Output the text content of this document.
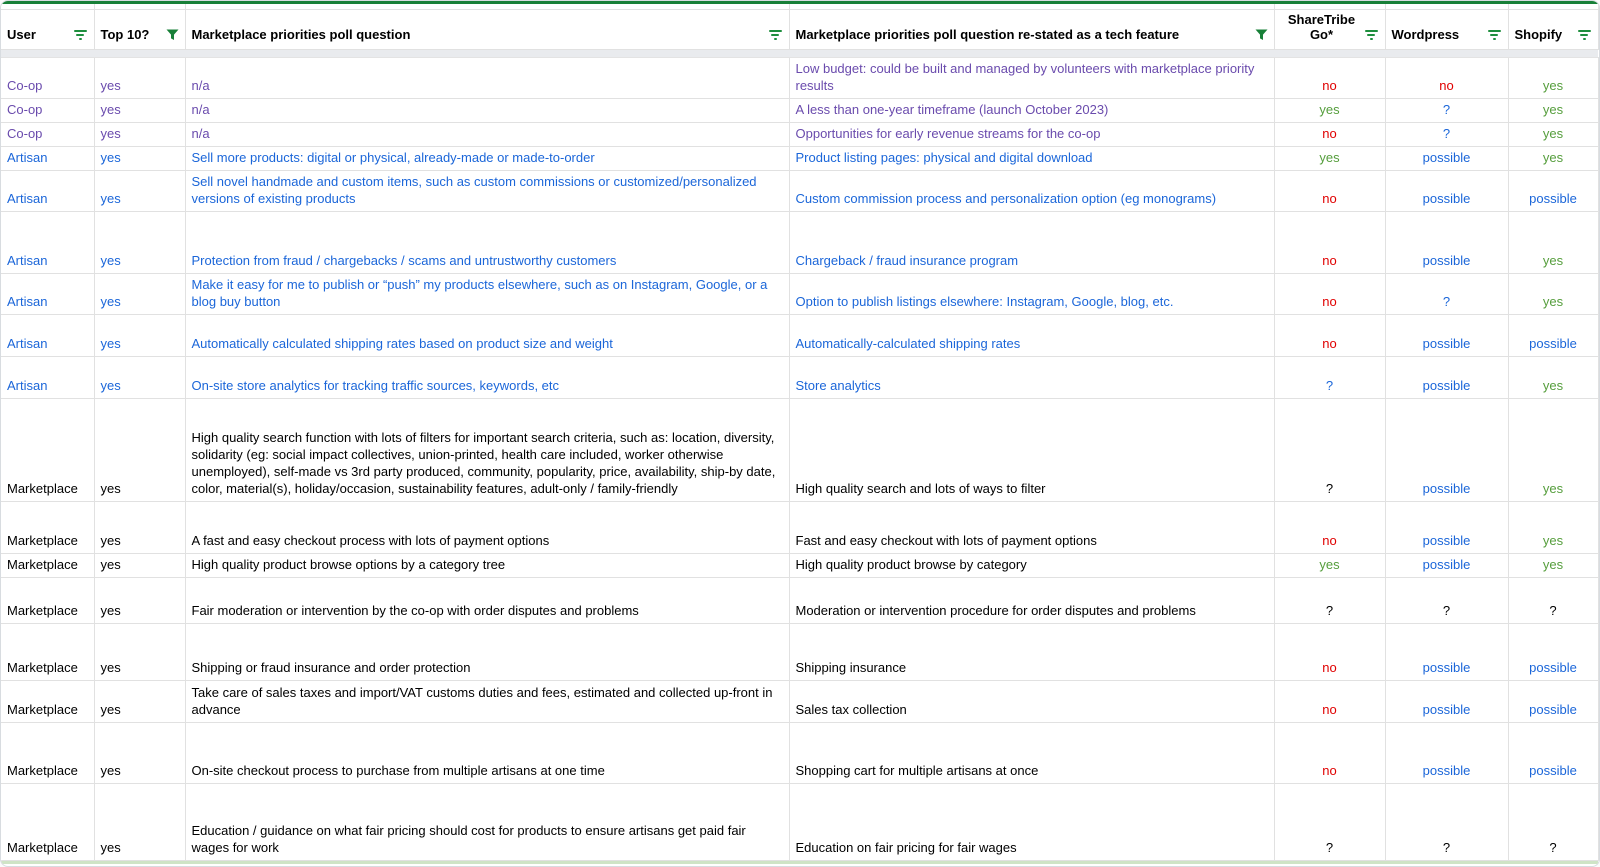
User	Top 10?	Marketplace priorities poll question	Marketplace priorities poll question re-stated as a tech feature	ShareTribe Go*	Wordpress	Shopify

Co-op	yes	n/a	Low budget: could be built and managed by volunteers with marketplace priority results	no	no	yes
Co-op	yes	n/a	A less than one-year timeframe (launch October 2023)	yes	?	yes
Co-op	yes	n/a	Opportunities for early revenue streams for the co-op	no	?	yes
Artisan	yes	Sell more products: digital or physical, already-made or made-to-order	Product listing pages: physical and digital download	yes	possible	yes
Artisan	yes	Sell novel handmade and custom items, such as custom commissions or customized/personalized versions of existing products	Custom commission process and personalization option (eg monograms)	no	possible	possible
Artisan	yes	Protection from fraud / chargebacks / scams and untrustworthy customers	Chargeback / fraud insurance program	no	possible	yes
Artisan	yes	Make it easy for me to publish or “push” my products elsewhere, such as on Instagram, Google, or a blog buy button	Option to publish listings elsewhere: Instagram, Google, blog, etc.	no	?	yes
Artisan	yes	Automatically calculated shipping rates based on product size and weight	Automatically-calculated shipping rates	no	possible	possible
Artisan	yes	On-site store analytics for tracking traffic sources, keywords, etc	Store analytics	?	possible	yes
Marketplace	yes	High quality search function with lots of filters for important search criteria, such as: location, diversity, solidarity (eg: social impact collectives, union-printed, health care included, worker otherwise unemployed), self-made vs 3rd party produced, community, popularity, price, availability, ship-by date, color, material(s), holiday/occasion, sustainability features, adult-only / family-friendly	High quality search and lots of ways to filter	?	possible	yes
Marketplace	yes	A fast and easy checkout process with lots of payment options	Fast and easy checkout with lots of payment options	no	possible	yes
Marketplace	yes	High quality product browse options by a category tree	High quality product browse by category	yes	possible	yes
Marketplace	yes	Fair moderation or intervention by the co-op with order disputes and problems	Moderation or intervention procedure for order disputes and problems	?	?	?
Marketplace	yes	Shipping or fraud insurance and order protection	Shipping insurance	no	possible	possible
Marketplace	yes	Take care of sales taxes and import/VAT customs duties and fees, estimated and collected up-front in advance	Sales tax collection	no	possible	possible
Marketplace	yes	On-site checkout process to purchase from multiple artisans at one time	Shopping cart for multiple artisans at once	no	possible	possible
Marketplace	yes	Education / guidance on what fair pricing should cost for products to ensure artisans get paid fair wages for work	Education on fair pricing for fair wages	?	?	?
